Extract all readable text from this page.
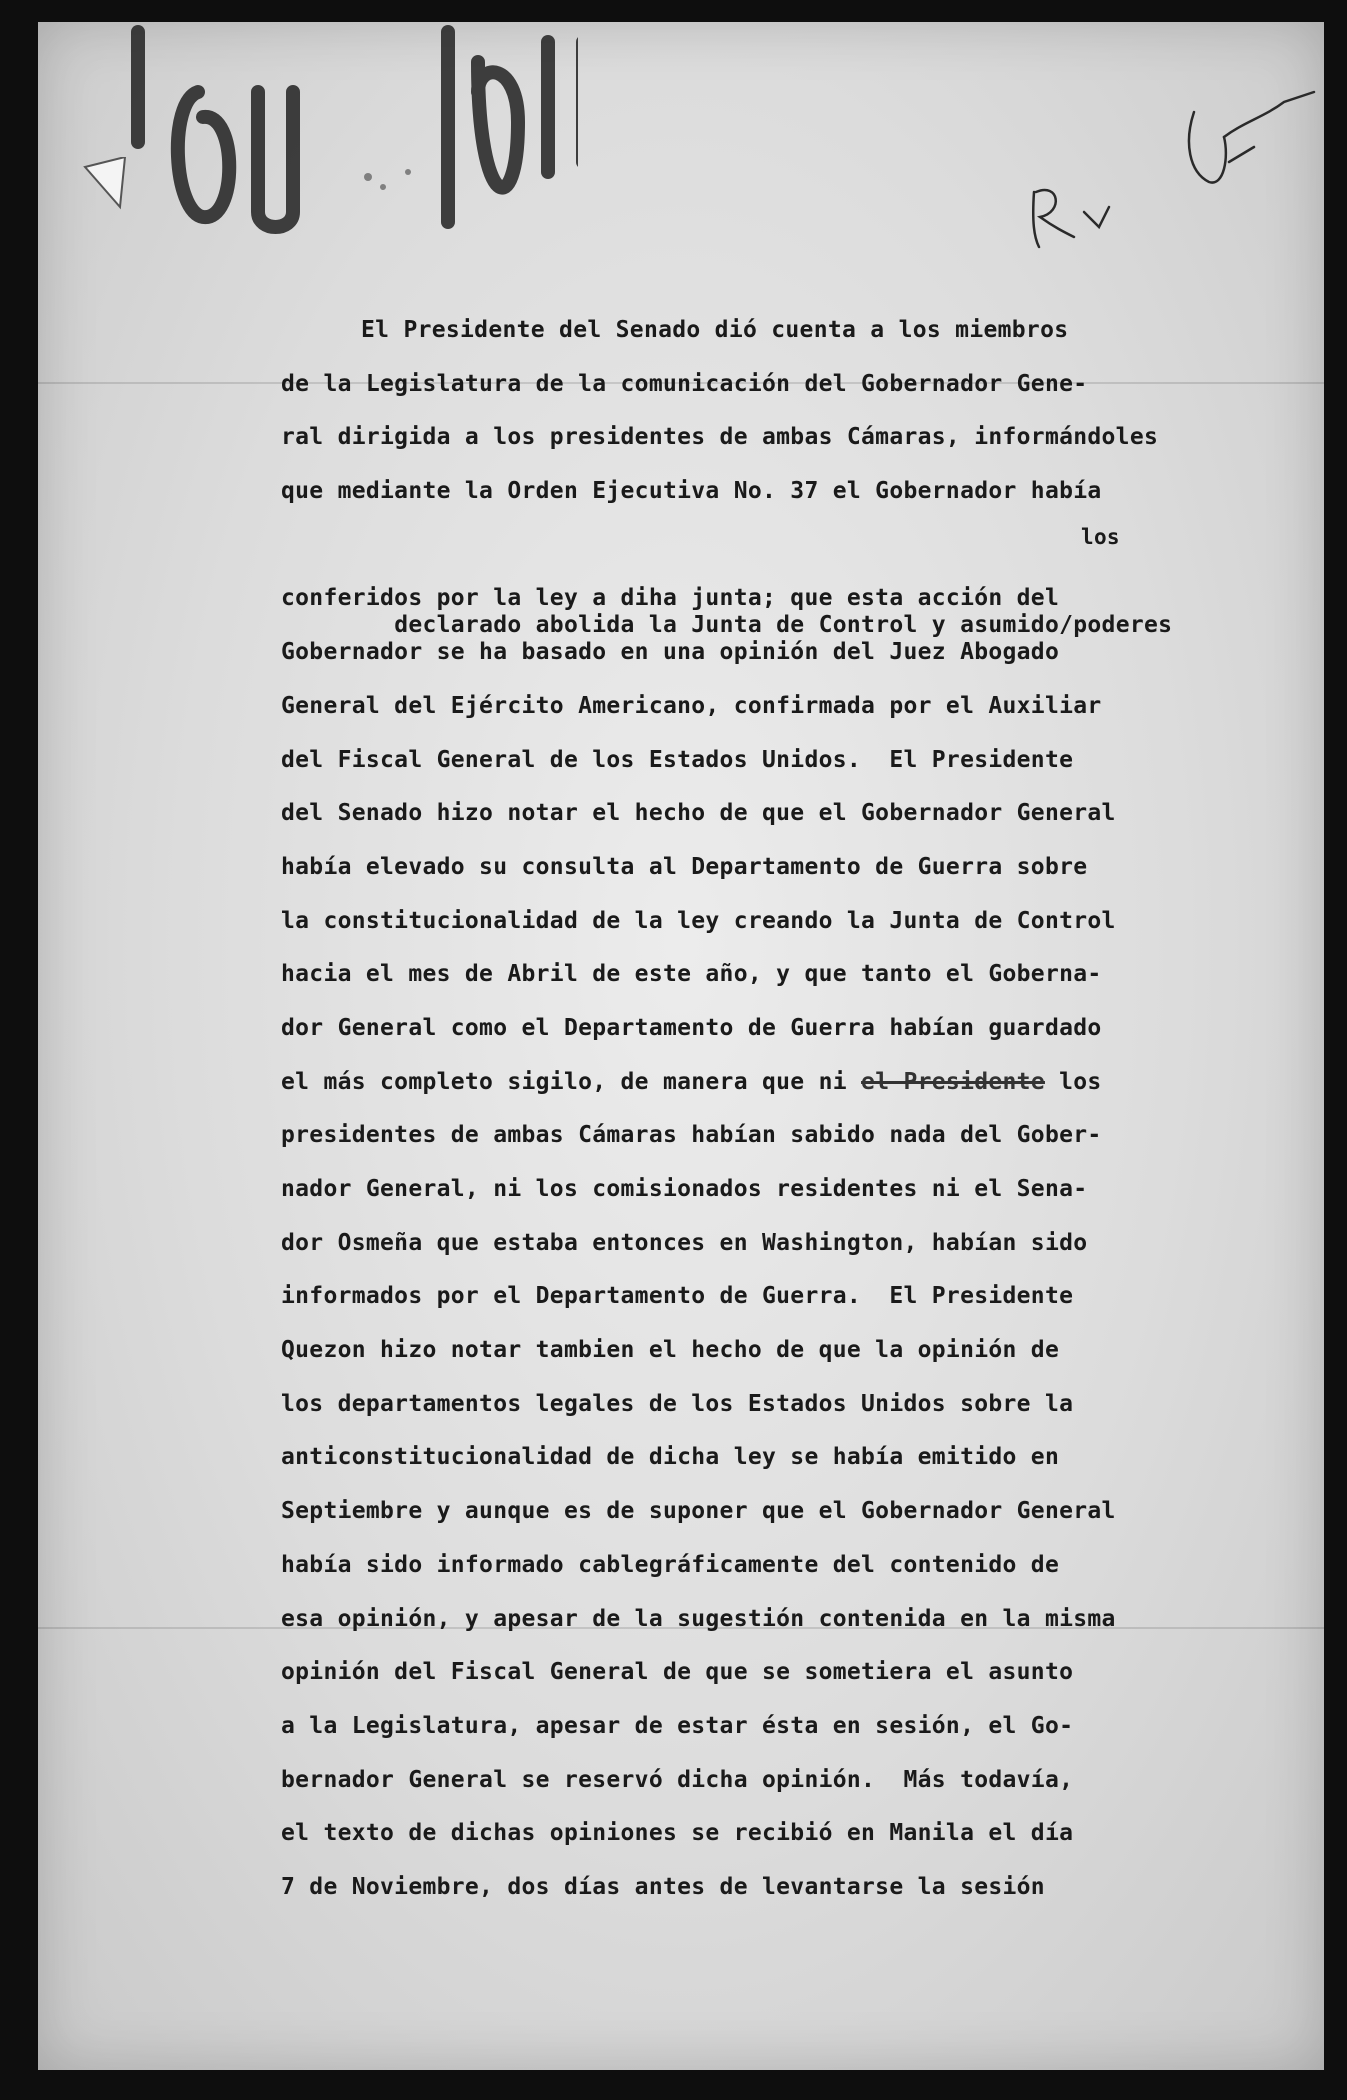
El Presidente del Senado dió cuenta a los miembros
de la Legislatura de la comunicación del Gobernador Gene-
ral dirigida a los presidentes de ambas Cámaras, informándoles
que mediante la Orden Ejecutiva No. 37 el Gobernador había

los

declarado abolida la Junta de Control y asumido/poderes

conferidos por la ley a diha junta; que esta acción del
Gobernador se ha basado en una opinión del Juez Abogado
General del Ejército Americano, confirmada por el Auxiliar
del Fiscal General de los Estados Unidos.  El Presidente
del Senado hizo notar el hecho de que el Gobernador General
había elevado su consulta al Departamento de Guerra sobre
la constitucionalidad de la ley creando la Junta de Control
hacia el mes de Abril de este año, y que tanto el Goberna-
dor General como el Departamento de Guerra habían guardado
el más completo sigilo, de manera que ni el Presidente los
presidentes de ambas Cámaras habían sabido nada del Gober-
nador General, ni los comisionados residentes ni el Sena-
dor Osmeña que estaba entonces en Washington, habían sido
informados por el Departamento de Guerra.  El Presidente
Quezon hizo notar tambien el hecho de que la opinión de
los departamentos legales de los Estados Unidos sobre la
anticonstitucionalidad de dicha ley se había emitido en
Septiembre y aunque es de suponer que el Gobernador General
había sido informado cablegráficamente del contenido de
esa opinión, y apesar de la sugestión contenida en la misma
opinión del Fiscal General de que se sometiera el asunto
a la Legislatura, apesar de estar ésta en sesión, el Go-
bernador General se reservó dicha opinión.  Más todavía,
el texto de dichas opiniones se recibió en Manila el día
7 de Noviembre, dos días antes de levantarse la sesión
